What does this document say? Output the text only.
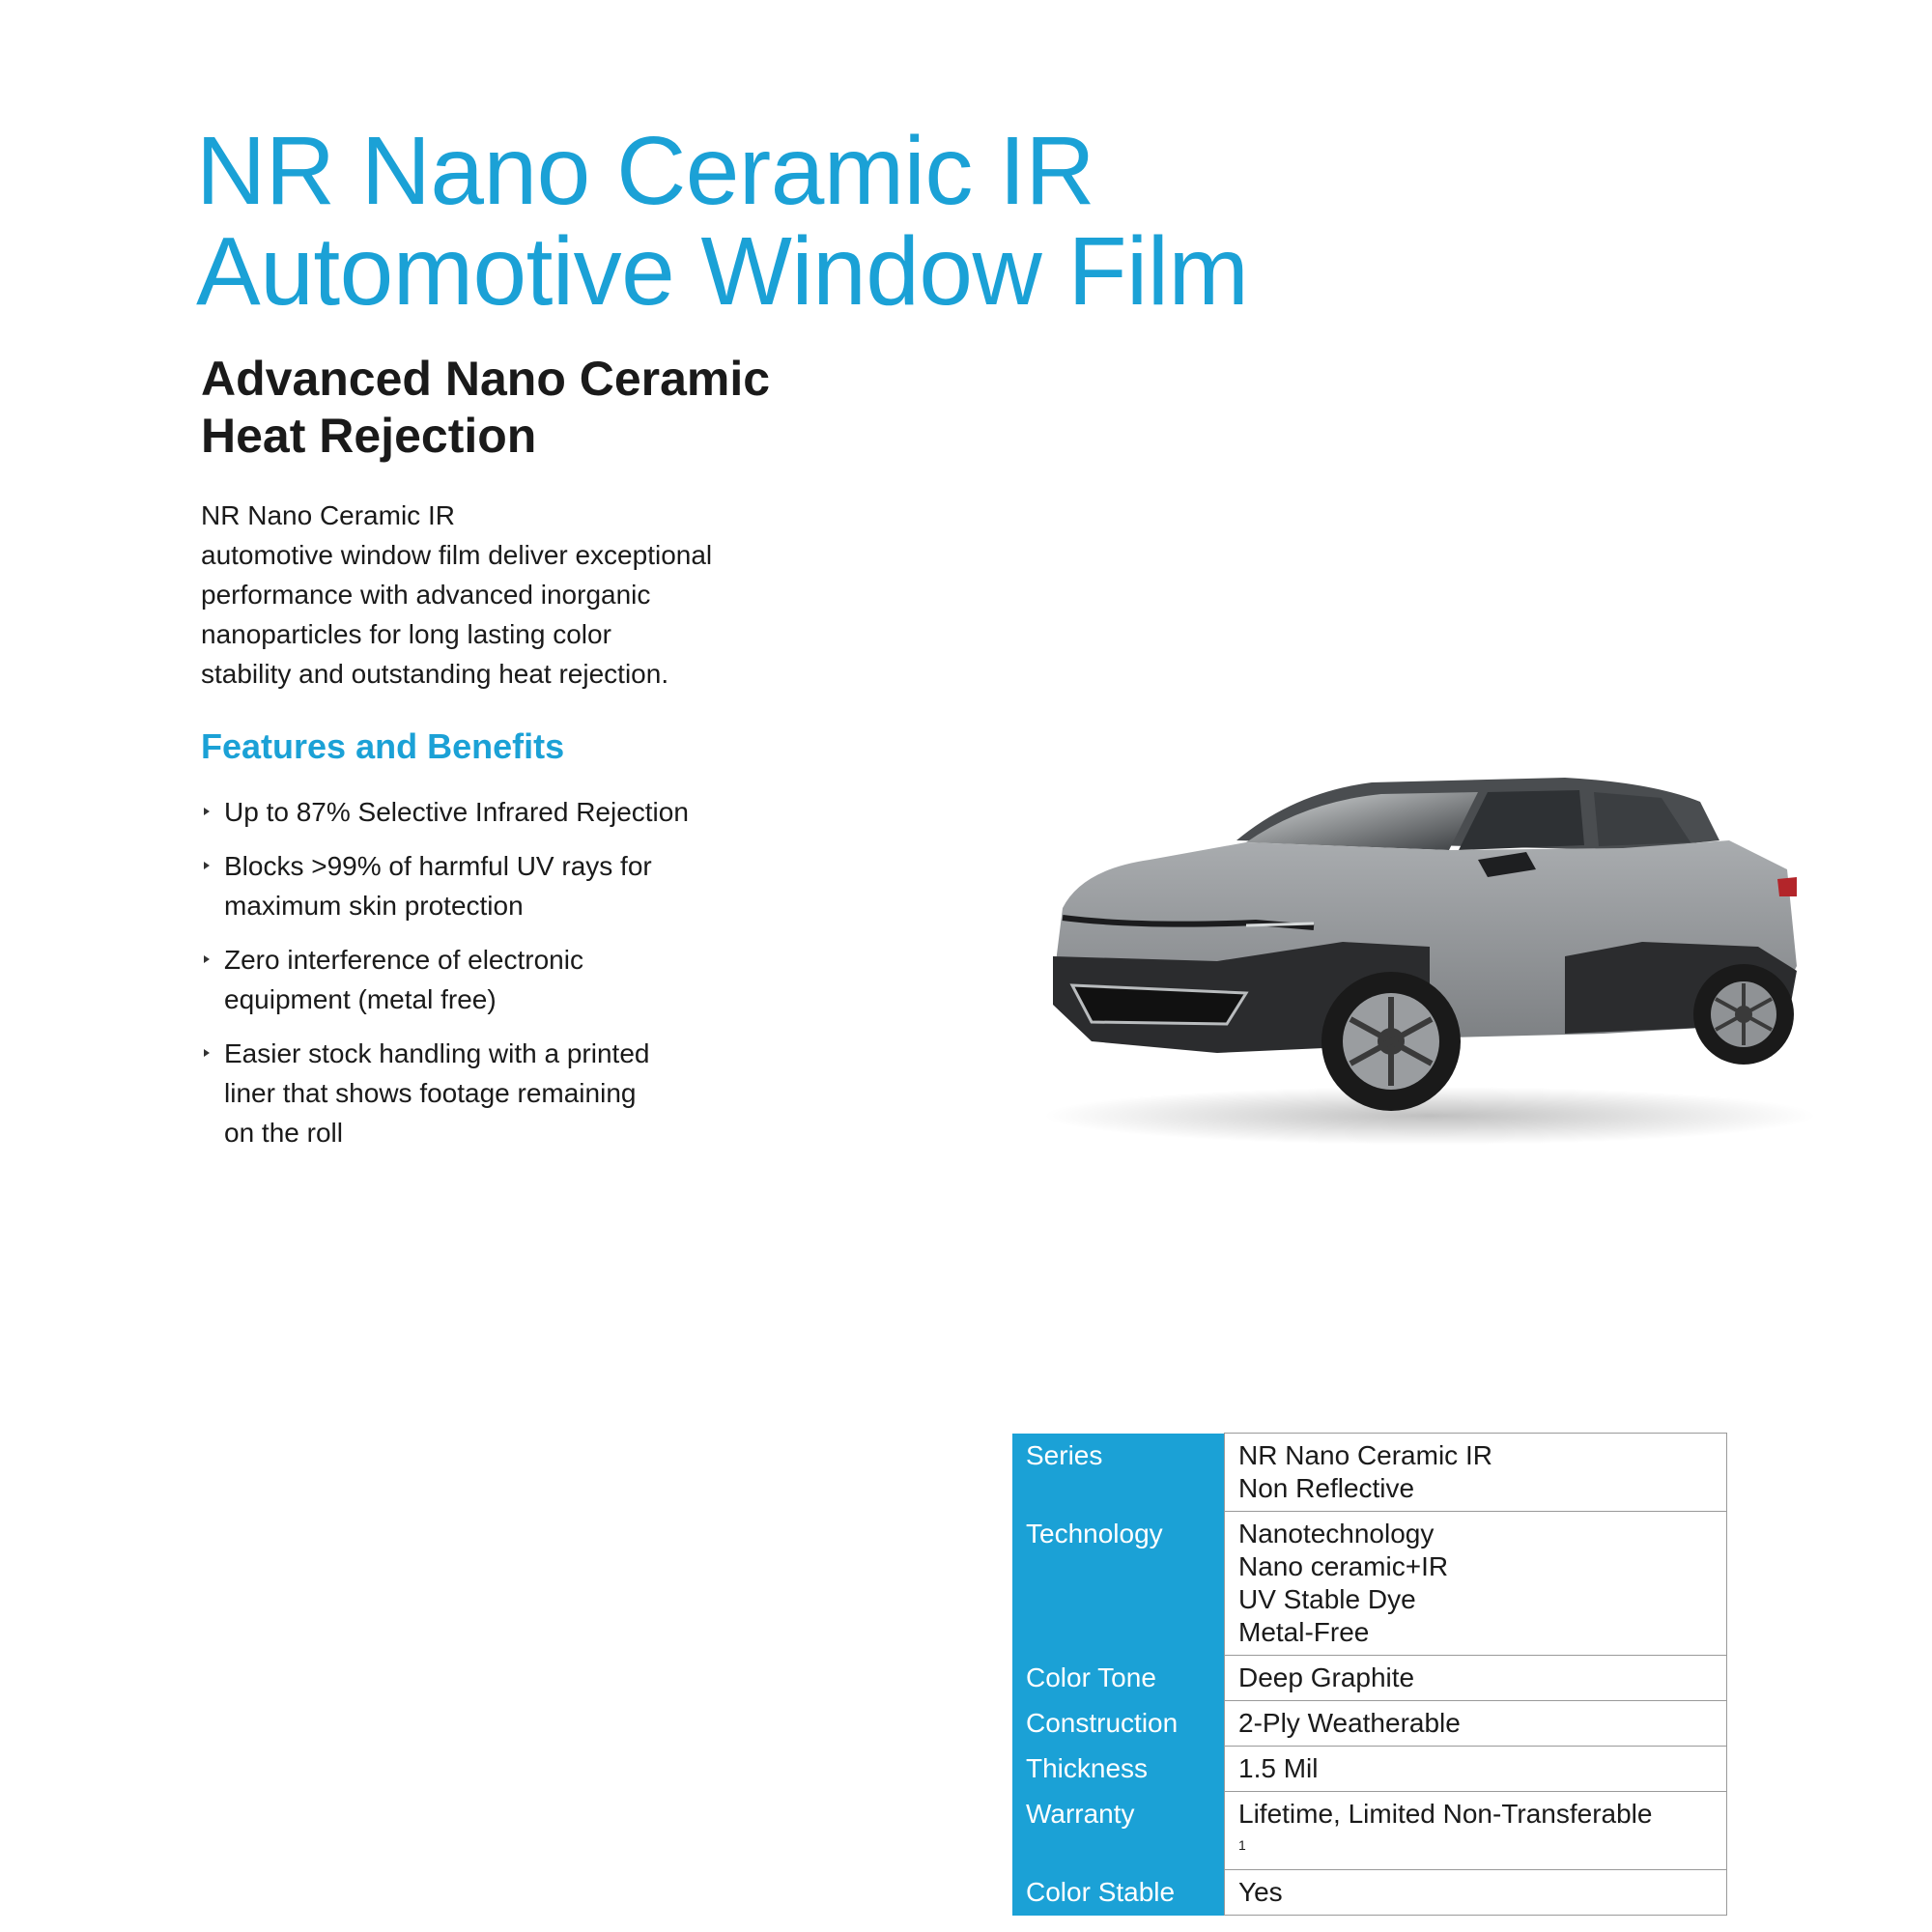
NR Nano Ceramic IR
Automotive Window Film
Advanced Nano Ceramic
Heat Rejection

NR Nano Ceramic IR
automotive window film deliver exceptional
performance with advanced inorganic
nanoparticles for long lasting color
stability and outstanding heat rejection.

Features and Benefits
Up to 87% Selective Infrared Rejection
Blocks >99% of harmful UV rays for
maximum skin protection
Zero interference of electronic
equipment (metal free)
Easier stock handling with a printed
liner that shows footage remaining
on the roll
Series	NR Nano Ceramic IR
Non Reflective

Technology	Nanotechnology
Nano ceramic+IR
UV Stable Dye
Metal-Free

Color Tone	Deep Graphite

Construction	2-Ply Weatherable

Thickness	1.5 Mil

Warranty	Lifetime, Limited Non-Transferable
$^1$

Color Stable	Yes
